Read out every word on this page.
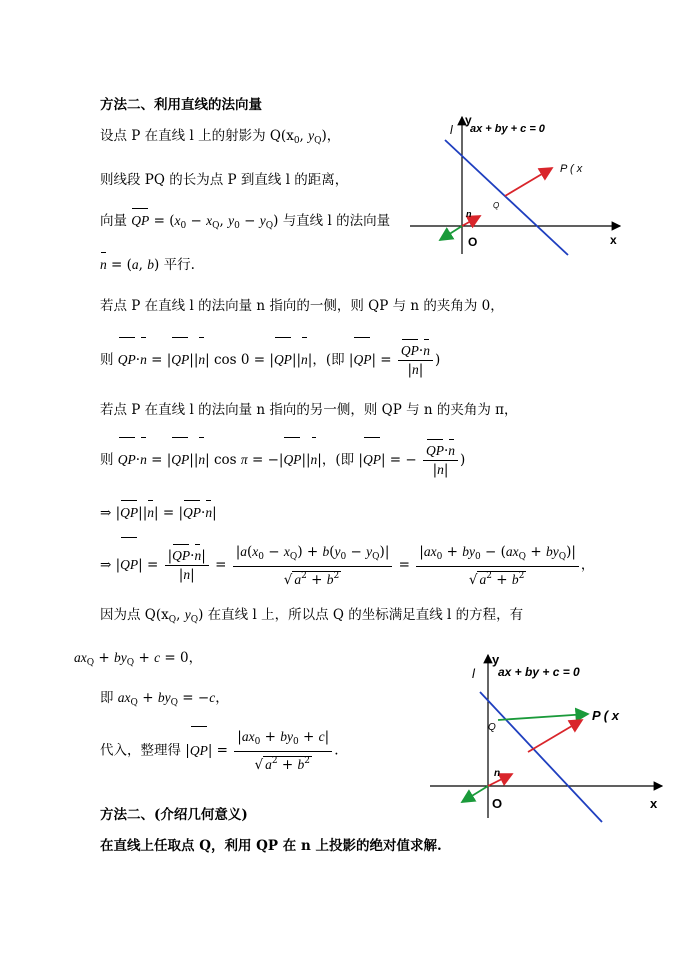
方法二、利用直线的法向量
设点 P 在直线 l 上的射影为 $Q(x_0$, $y_Q$)，
则线段 PQ 的长为点 P 到直线 l 的距离，
向量 QP = ($x_0 - x_Q$, $y_0 - y_Q$) 与直线 l 的法向量
n = (a, b) 平行.
若点 P 在直线 l 的法向量 n 指向的一侧，则 QP 与 n 的夹角为 0，
则 QP·n = |QP||n| cos 0 = |QP||n|，(即 $|QP| = \frac{QP\cdot n}{|n|}$ )
若点 P 在直线 l 的法向量 n 指向的另一侧，则 QP 与 n 的夹角为 π，
则 QP·n = |QP||n| cos π = −|QP||n|，(即 |QP| = − $\frac{QP\cdot n}{|n|}$ )
⇒ |QP||n| = |QP·n|
⇒ $|QP| = \frac{|QP\cdot n|}{|n|} = \frac{|a(x_0 - x_Q) + b(y_0 - y_Q)|}{√ a^2 + b^2} = \frac{|ax_0 + by_0 - (ax_Q + by_Q)|}{√ a^2 + b^2}$ ，
因为点 $Q(x_Q$, $y_Q$) 在直线 l 上，所以点 Q 的坐标满足直线 l 的方程，有
$ax_Q + by_Q + c = 0$，
即 $ax_Q + by_Q = -c$，
代入，整理得 $|QP| = \frac{|ax_0 + by_0 + c|}{√ a^2 + b^2}$ .
方法二、(介绍几何意义)
在直线上任取点 Q，利用 QP 在 n 上投影的绝对值求解.
l ax + by + c = 0
y
x
O
P ( x
Q
n
l ax + by + c = 0
y
x
O
P ( x
Q
n
